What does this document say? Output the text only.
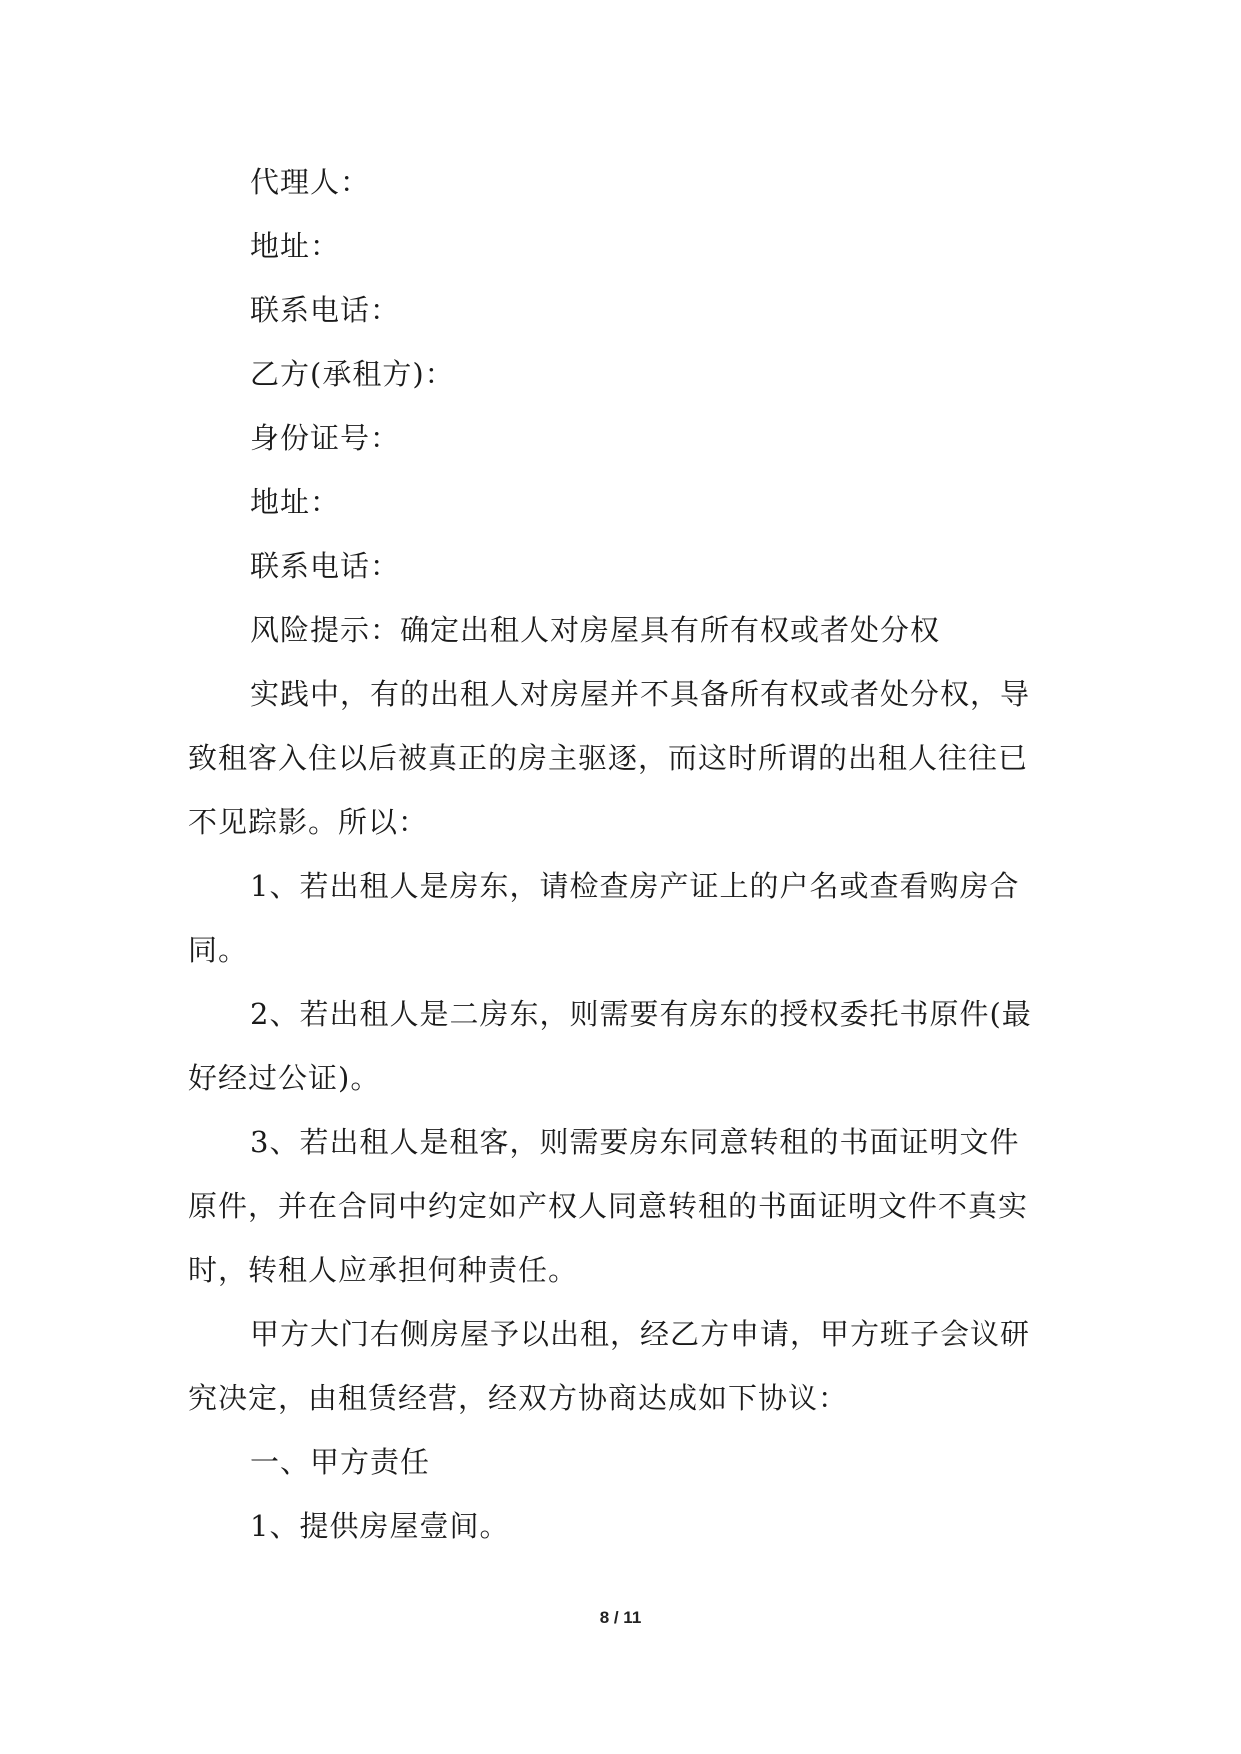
代理人：
地址：
联系电话：
乙方(承租方)：
身份证号：
地址：
联系电话：
风险提示：确定出租人对房屋具有所有权或者处分权
实践中，有的出租人对房屋并不具备所有权或者处分权，导
致租客入住以后被真正的房主驱逐，而这时所谓的出租人往往已
不见踪影。所以：
1、若出租人是房东，请检查房产证上的户名或查看购房合
同。
2、若出租人是二房东，则需要有房东的授权委托书原件(最
好经过公证)。
3、若出租人是租客，则需要房东同意转租的书面证明文件
原件，并在合同中约定如产权人同意转租的书面证明文件不真实
时，转租人应承担何种责任。
甲方大门右侧房屋予以出租，经乙方申请，甲方班子会议研
究决定，由租赁经营，经双方协商达成如下协议：
一、甲方责任
1、提供房屋壹间。
8 / 11
